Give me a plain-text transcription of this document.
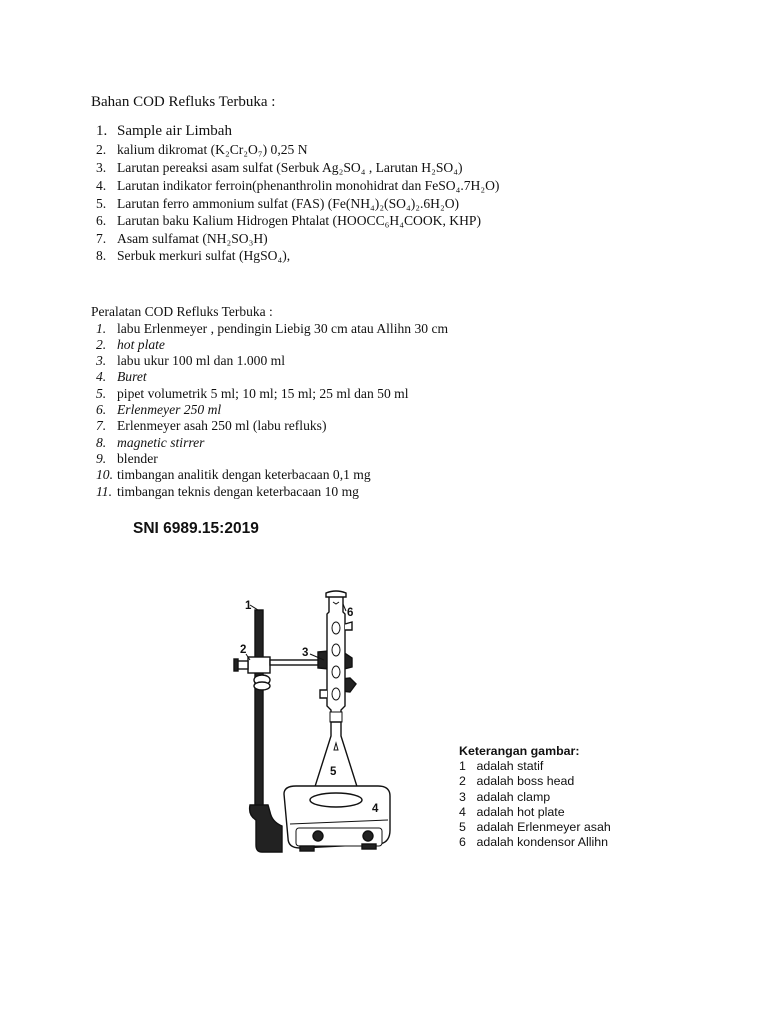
Bahan COD Refluks Terbuka :
1. Sample air Limbah
2. kalium dikromat (K₂Cr₂O₇) 0,25 N
3. Larutan pereaksi asam sulfat (Serbuk Ag₂SO₄ , Larutan H₂SO₄)
4. Larutan indikator ferroin(phenanthrolin monohidrat dan FeSO₄.7H₂O)
5. Larutan ferro ammonium sulfat (FAS) (Fe(NH₄)₂(SO₄)₂.6H₂O)
6. Larutan baku Kalium Hidrogen Phtalat (HOOCC₆H₄COOK, KHP)
7. Asam sulfamat (NH₂SO₃H)
8. Serbuk merkuri sulfat (HgSO₄),
Peralatan COD Refluks Terbuka :
1. labu Erlenmeyer , pendingin Liebig 30 cm atau Allihn 30 cm
2. hot plate
3. labu ukur 100 ml dan 1.000 ml
4. Buret
5. pipet volumetrik 5 ml; 10 ml; 15 ml; 25 ml dan 50 ml
6. Erlenmeyer 250 ml
7. Erlenmeyer asah 250 ml (labu refluks)
8. magnetic stirrer
9. blender
10. timbangan analitik dengan keterbacaan 0,1 mg
11. timbangan teknis dengan keterbacaan 10 mg
SNI 6989.15:2019
1
2	3
4
5
6
Keterangan gambar:
1 adalah statif
2 adalah boss head
3 adalah clamp
4 adalah hot plate
5 adalah Erlenmeyer asah
6 adalah kondensor Allihn
